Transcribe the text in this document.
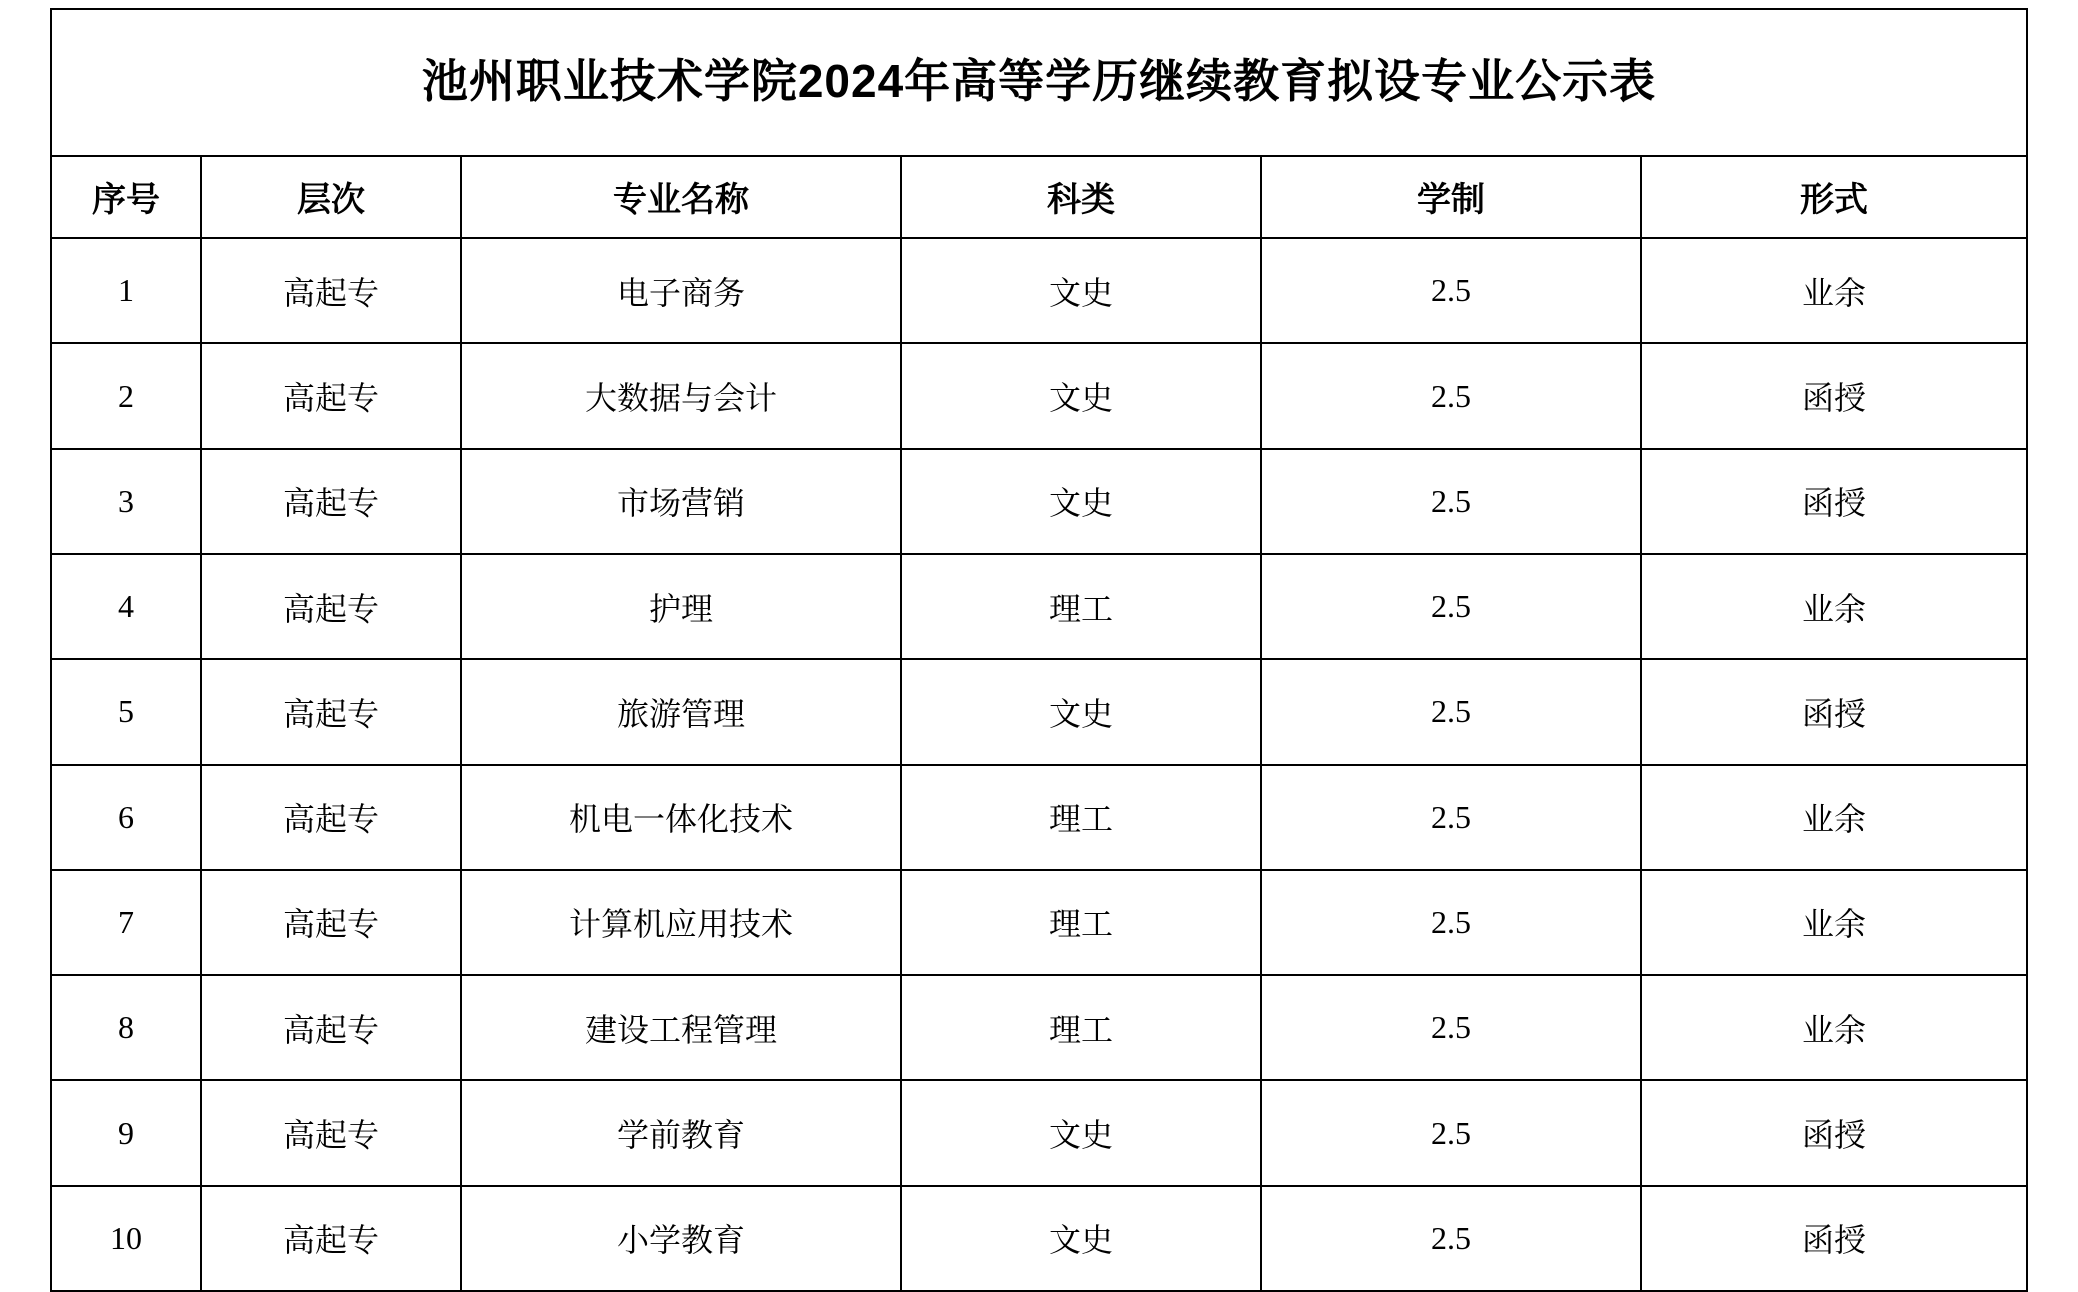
池州职业技术学院2024年高等学历继续教育拟设专业公示表					
序号	层次	专业名称	科类	学制	形式
1	高起专	电子商务	文史	2.5	业余
2	高起专	大数据与会计	文史	2.5	函授
3	高起专	市场营销	文史	2.5	函授
4	高起专	护理	理工	2.5	业余
5	高起专	旅游管理	文史	2.5	函授
6	高起专	机电一体化技术	理工	2.5	业余
7	高起专	计算机应用技术	理工	2.5	业余
8	高起专	建设工程管理	理工	2.5	业余
9	高起专	学前教育	文史	2.5	函授
10	高起专	小学教育	文史	2.5	函授
